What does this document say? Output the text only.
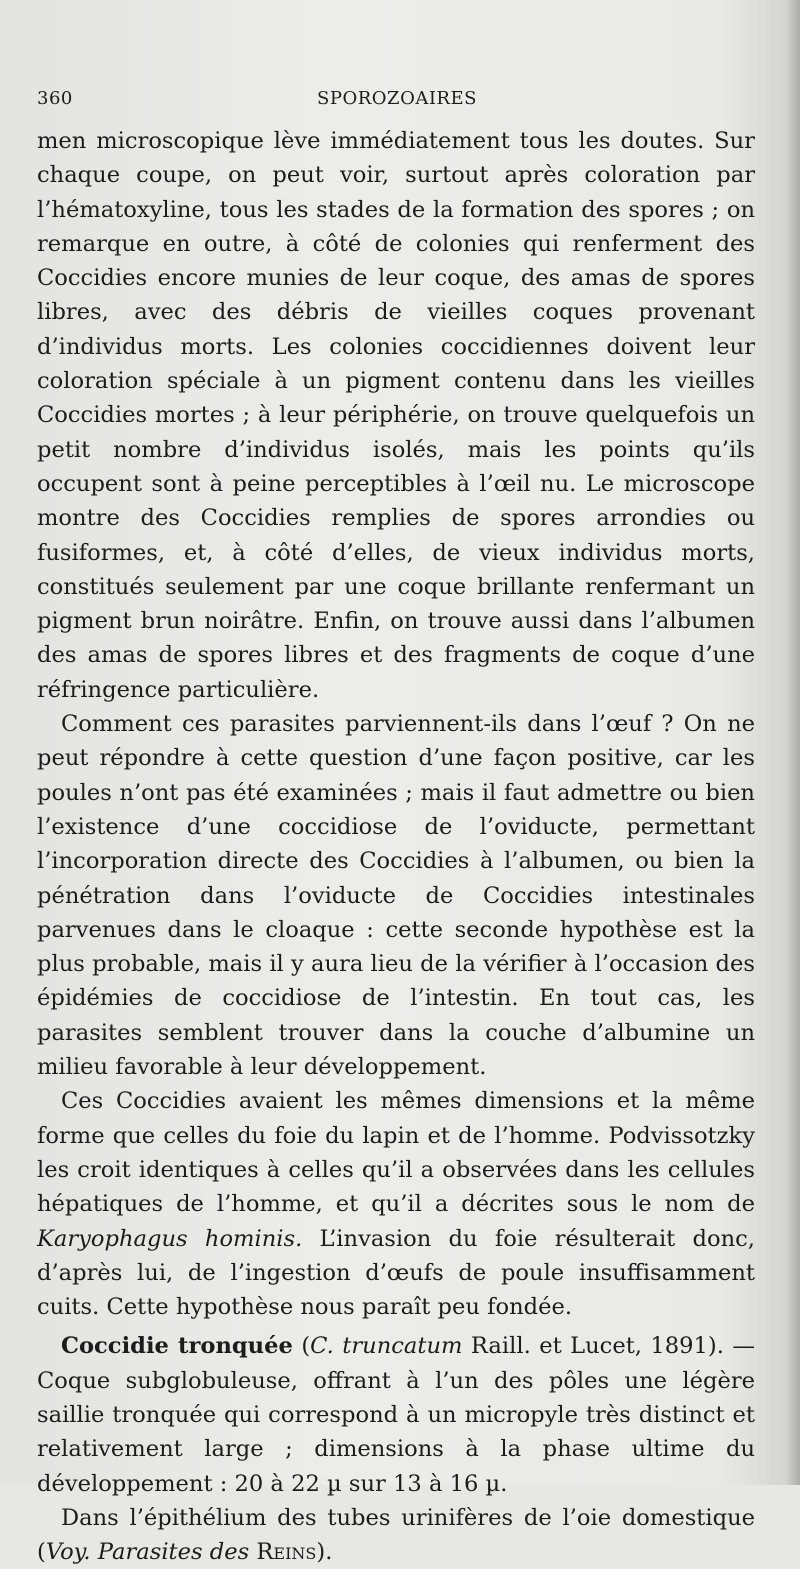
SPOROZOAIRES
360

men microscopique lève immédiatement tous les doutes. Sur chaque coupe, on peut voir, surtout après coloration par l’hématoxyline, tous les stades de la formation des spores ; on remarque en outre, à côté de colonies qui renferment des Coccidies encore munies de leur coque, des amas de spores libres, avec des débris de vieilles coques provenant d’individus morts. Les colonies coccidiennes doivent leur coloration spéciale à un pigment contenu dans les vieilles Coccidies mortes ; à leur périphérie, on trouve quelquefois un petit nombre d’individus isolés, mais les points qu’ils occupent sont à peine perceptibles à l’œil nu. Le microscope montre des Coccidies remplies de spores arrondies ou fusiformes, et, à côté d’elles, de vieux individus morts, constitués seulement par une coque brillante renfermant un pigment brun noirâtre. Enfin, on trouve aussi dans l’albumen des amas de spores libres et des fragments de coque d’une réfringence particulière.

Comment ces parasites parviennent-ils dans l’œuf ? On ne peut répondre à cette question d’une façon positive, car les poules n’ont pas été examinées ; mais il faut admettre ou bien l’existence d’une coccidiose de l’oviducte, permettant l’incorporation directe des Coccidies à l’albumen, ou bien la pénétration dans l’oviducte de Coccidies intestinales parvenues dans le cloaque : cette seconde hypothèse est la plus probable, mais il y aura lieu de la vérifier à l’occasion des épidémies de coccidiose de l’intestin. En tout cas, les parasites semblent trouver dans la couche d’albumine un milieu favorable à leur développement.

Ces Coccidies avaient les mêmes dimensions et la même forme que celles du foie du lapin et de l’homme. Podvissotzky les croit identiques à celles qu’il a observées dans les cellules hépatiques de l’homme, et qu’il a décrites sous le nom de Karyophagus hominis. L’invasion du foie résulterait donc, d’après lui, de l’ingestion d’œufs de poule insuffisamment cuits. Cette hypothèse nous paraît peu fondée.

Coccidie tronquée (C. truncatum Raill. et Lucet, 1891). — Coque subglobuleuse, offrant à l’un des pôles une légère saillie tronquée qui correspond à un micropyle très distinct et relativement large ; dimensions à la phase ultime du développement : 20 à 22 µ sur 13 à 16 µ.

Dans l’épithélium des tubes urinifères de l’oie domestique (Voy. Parasites des Reins).
